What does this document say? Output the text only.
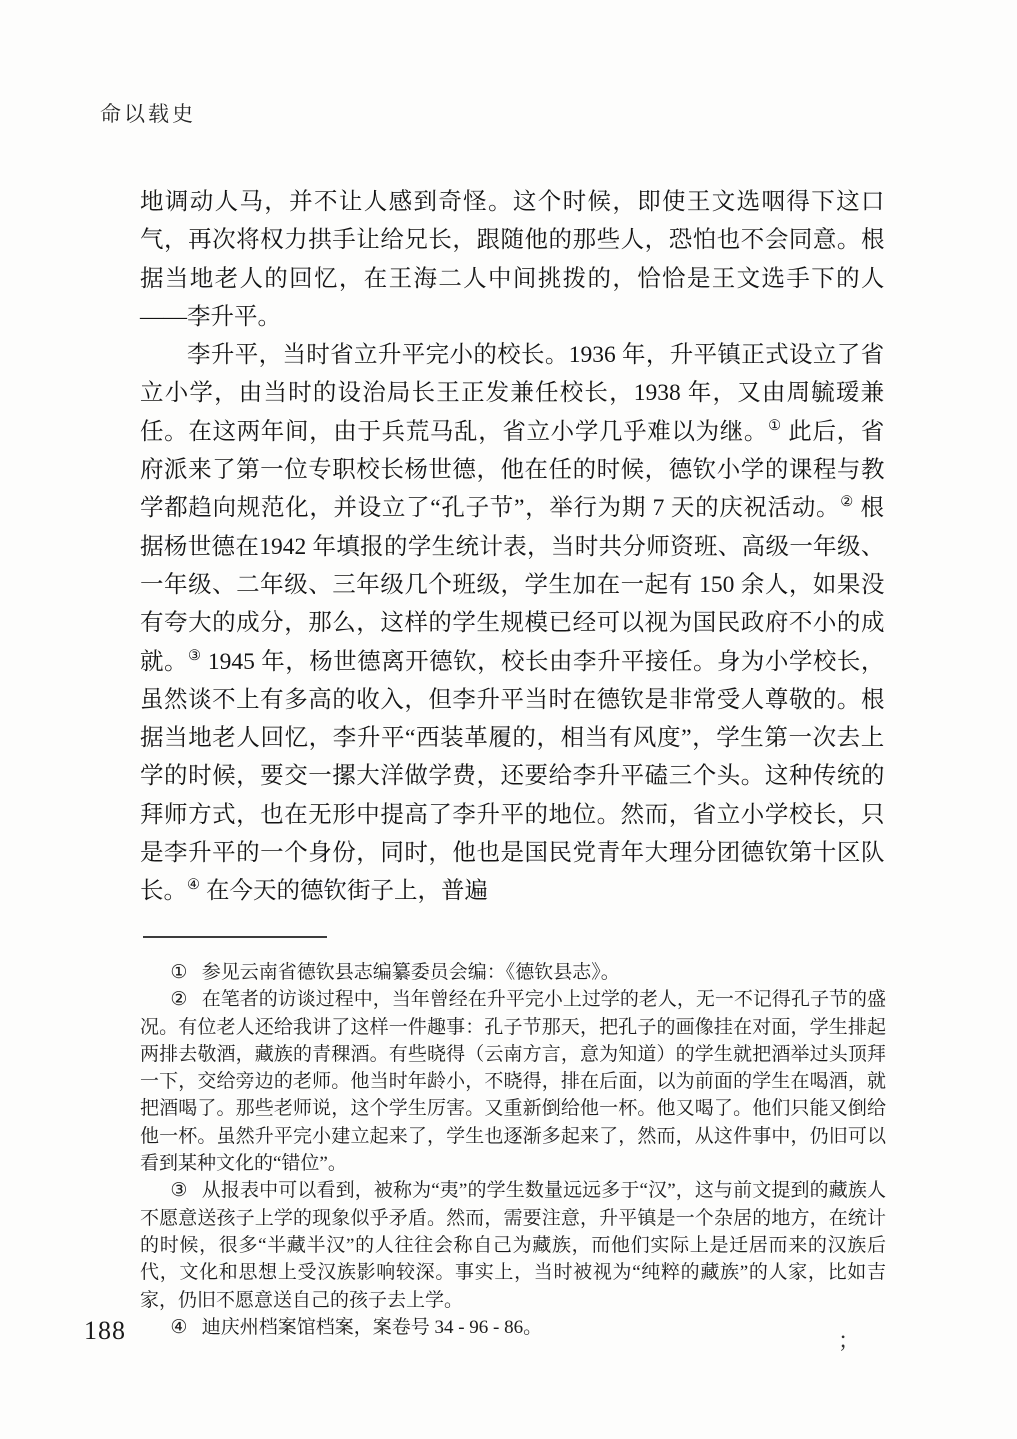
命以载史

地调动人马，并不让人感到奇怪。这个时候，即使王文选咽得下这口气，再次将权力拱手让给兄长，跟随他的那些人，恐怕也不会同意。根据当地老人的回忆，在王海二人中间挑拨的，恰恰是王文选手下的人——李升平。

李升平，当时省立升平完小的校长。1936 年，升平镇正式设立了省立小学，由当时的设治局长王正发兼任校长，1938 年，又由周毓瑷兼任。在这两年间，由于兵荒马乱，省立小学几乎难以为继。① 此后，省府派来了第一位专职校长杨世德，他在任的时候，德钦小学的课程与教学都趋向规范化，并设立了“孔子节”，举行为期 7 天的庆祝活动。② 根据杨世德在1942 年填报的学生统计表，当时共分师资班、高级一年级、一年级、二年级、三年级几个班级，学生加在一起有 150 余人，如果没有夸大的成分，那么，这样的学生规模已经可以视为国民政府不小的成就。③ 1945 年，杨世德离开德钦，校长由李升平接任。身为小学校长，虽然谈不上有多高的收入，但李升平当时在德钦是非常受人尊敬的。根据当地老人回忆，李升平“西装革履的，相当有风度”，学生第一次去上学的时候，要交一摞大洋做学费，还要给李升平磕三个头。这种传统的拜师方式，也在无形中提高了李升平的地位。然而，省立小学校长，只是李升平的一个身份，同时，他也是国民党青年大理分团德钦第十区队长。④ 在今天的德钦街子上，普遍

① 参见云南省德钦县志编纂委员会编：《德钦县志》。

② 在笔者的访谈过程中，当年曾经在升平完小上过学的老人，无一不记得孔子节的盛况。有位老人还给我讲了这样一件趣事：孔子节那天，把孔子的画像挂在对面，学生排起两排去敬酒，藏族的青稞酒。有些晓得（云南方言，意为知道）的学生就把酒举过头顶拜一下，交给旁边的老师。他当时年龄小，不晓得，排在后面，以为前面的学生在喝酒，就把酒喝了。那些老师说，这个学生厉害。又重新倒给他一杯。他又喝了。他们只能又倒给他一杯。虽然升平完小建立起来了，学生也逐渐多起来了，然而，从这件事中，仍旧可以看到某种文化的“错位”。

③ 从报表中可以看到，被称为“夷”的学生数量远远多于“汉”，这与前文提到的藏族人不愿意送孩子上学的现象似乎矛盾。然而，需要注意，升平镇是一个杂居的地方，在统计的时候，很多“半藏半汉”的人往往会称自己为藏族，而他们实际上是迁居而来的汉族后代，文化和思想上受汉族影响较深。事实上，当时被视为“纯粹的藏族”的人家，比如吉家，仍旧不愿意送自己的孩子去上学。

④ 迪庆州档案馆档案，案卷号 34 - 96 - 86。

188	；
